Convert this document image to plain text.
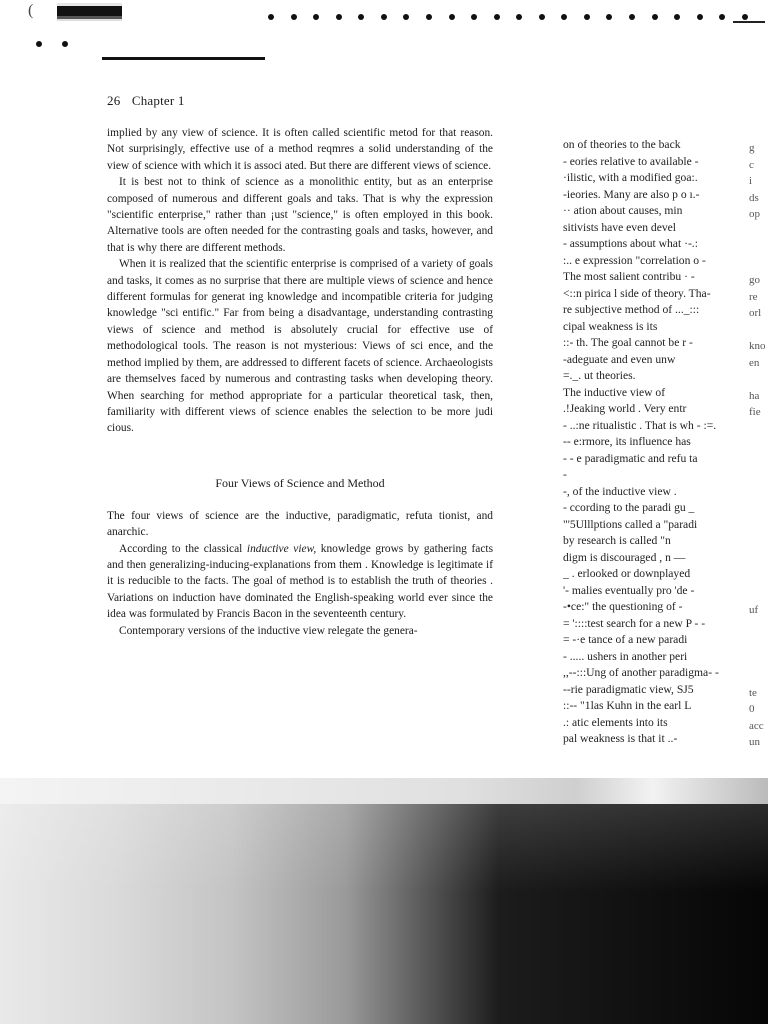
(
26 Chapter 1

implied by any view of science. It is often called scientific metod for that reason. Not surprisingly, effective use of a method reqmres a solid understanding of the view of science with which it is associ ated. But there are different views of science.

It is best not to think of science as a monolithic entity, but as an enterprise composed of numerous and different goals and taks. That is why the expression "scientific enterprise," rather than ¡ust "science," is often employed in this book. Alternative tools are often needed for the contrasting goals and tasks, however, and that is why there are different methods.

When it is realized that the scientific enterprise is comprised of a variety of goals and tasks, it comes as no surprise that there are multiple views of science and hence different formulas for generat ing knowledge and incompatible criteria for judging knowledge "sci entific." Far from being a disadvantage, understanding contrasting views of science and method is absolutely crucial for effective use of methodological tools. The reason is not mysterious: Views of sci ence, and the method implied by them, are addressed to different facets of science. Archaeologists are themselves faced by numerous and contrasting tasks when developing theory. When searching for method appropriate for a particular theoretical task, then, familiarity with different views of science enables the selection to be more judi cious.

Four Views of Science and Method

The four views of science are the inductive, paradigmatic, refuta tionist, and anarchic.

According to the classical inductive view, knowledge grows by gathering facts and then generalizing-inducing-explanations from them . Knowledge is legitimate if it is reducible to the facts. The goal of method is to establish the truth of theories . Variations on induction have dominated the English-speaking world ever since the idea was formulated by Francis Bacon in the seventeenth century.

Contemporary versions of the inductive view relegate the genera-

on of theories to the back
- eories relative to available -
·ilistic, with a modified goa:.
-ieories. Many are also p o ı.-
·· ation about causes, min
sitivists have even devel
- assumptions about what ·-.:
:.. e expression "correlation o -
The most salient contribu · -
<::n pirica l side of theory. Tha-
re subjective method of ..._:::
cipal weakness is its
::- th. The goal cannot be r -
-adeguate and even unw
=._. ut theories.
The inductive view of
.!Jeaking world . Very entr
- ..:ne ritualistic . That is wh - :=.
-- e:rmore, its influence has
- - e paradigmatic and refu ta
-
-, of the inductive view .
- ccording to the paradi gu _
"'5Ulllptions called a "paradi
by research is called "n
digm is discouraged , n —
_ . erlooked or downplayed
'- malies eventually pro 'de -
-•ce:" the questioning of -
= '::::test search for a new P - -
= -·e tance of a new paradi
- ..... ushers in another peri
,,--:::Ung of another paradigma- -
--rie paradigmatic view, SJ5
::-- "1las Kuhn in the earl L
.: atic elements into its
pal weakness is that it ..-
g
c
i
ds
op

go
re
orl

kno
en

ha
fie

uf

te
0
acc
un
